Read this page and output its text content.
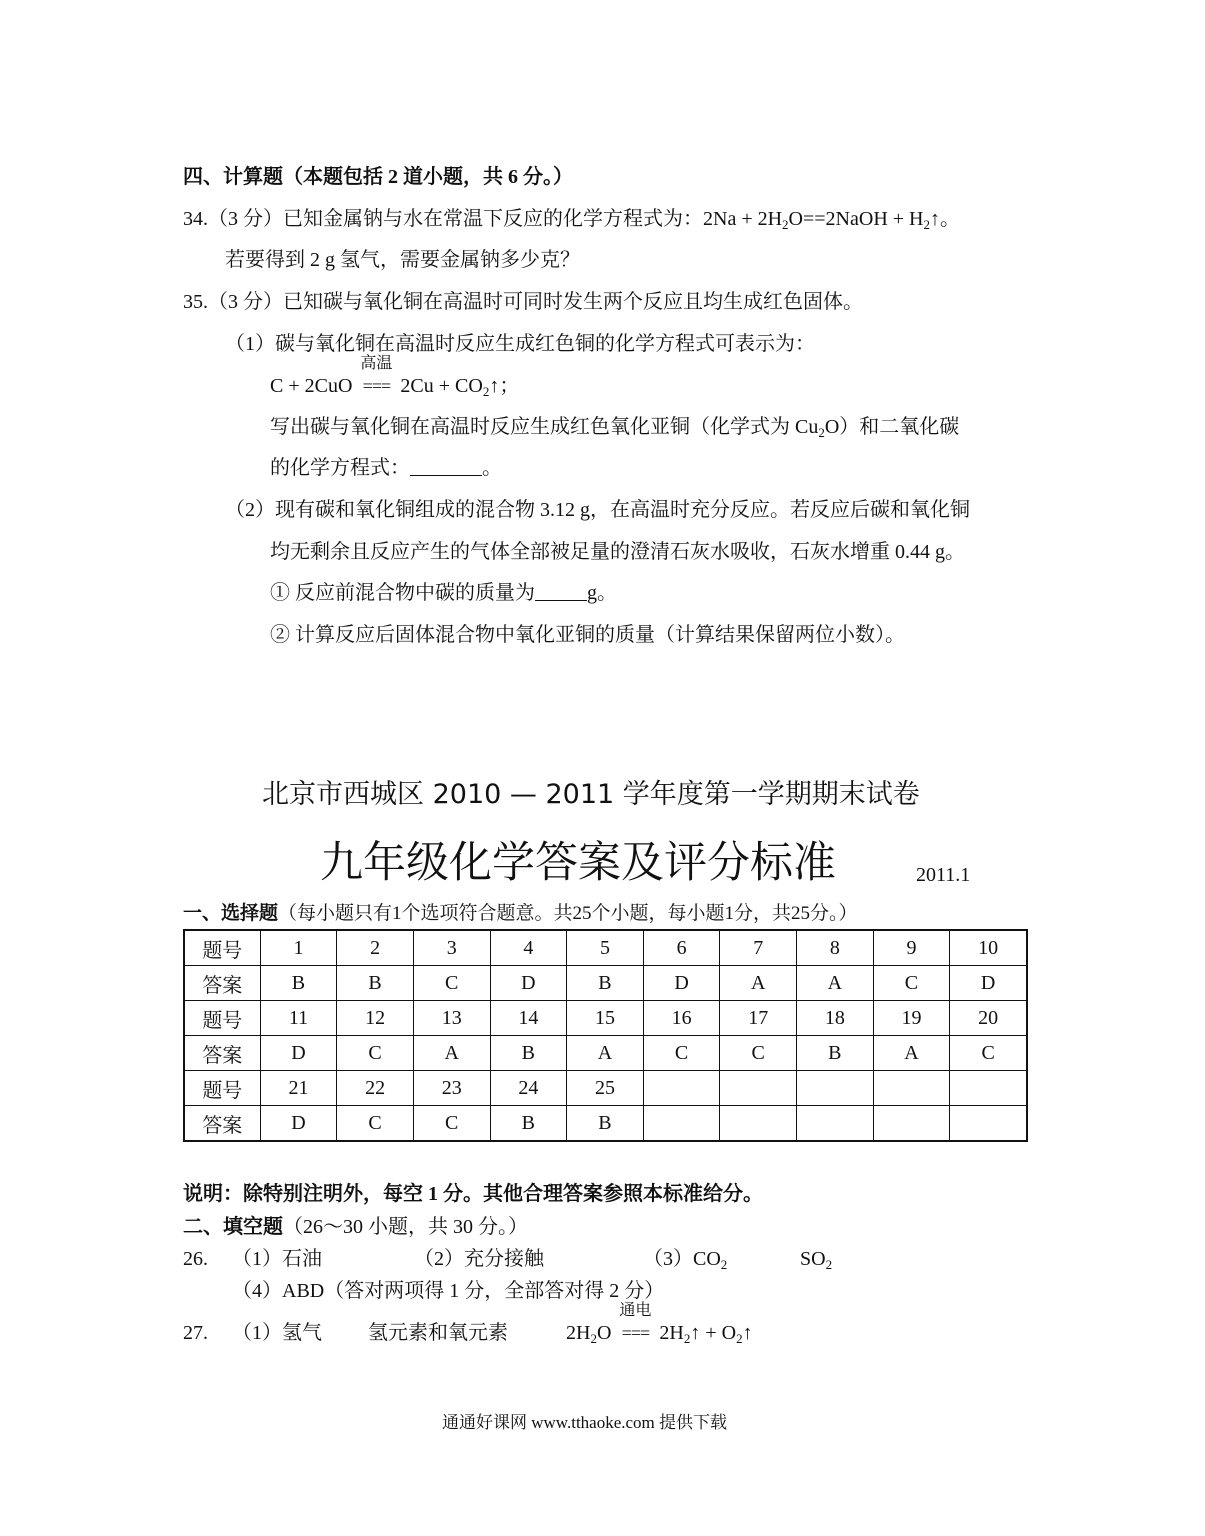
四、计算题（本题包括 2 道小题，共 6 分。）
34.（3 分）已知金属钠与水在常温下反应的化学方程式为：$2Na + 2H_2O==2NaOH$ + $H_2↑$。
若要得到 2 g 氢气，需要金属钠多少克？
35.（3 分）已知碳与氧化铜在高温时可同时发生两个反应且均生成红色固体。
（1）碳与氧化铜在高温时反应生成红色铜的化学方程式可表示为：
C + 2CuO
高温
=== $2Cu + CO_2↑$；
写出碳与氧化铜在高温时反应生成红色氧化亚铜（化学式为 $Cu_2O$）和二氧化碳
的化学方程式：	。
（2）现有碳和氧化铜组成的混合物 3.12 g，在高温时充分反应。若反应后碳和氧化铜
均无剩余且反应产生的气体全部被足量的澄清石灰水吸收，石灰水增重 0.44 g。
① 反应前混合物中碳的质量为	g。
② 计算反应后固体混合物中氧化亚铜的质量（计算结果保留两位小数）。
北京市西城区 2010 — 2011 学年度第一学期期末试卷
九年级化学答案及评分标准	2011.1
一、选择题（每小题只有1个选项符合题意。共25个小题，每小题1分，共25分。）
题号	1	2	3	4	5	6	7	8	9	10
答案	B	B	C	D	B	D	A	A	C	D
题号	11	12	13	14	15	16	17	18	19	20
答案	D	C	A	B	A	C	C	B	A	C
题号	21	22	23	24	25					
答案	D	C	C	B	B					
说明：除特别注明外，每空 1 分。其他合理答案参照本标准给分。
二、填空题（26～30 小题，共 30 分。）
26. （1）石油	（2）充分接触	$(3)CO_2$	$SO_2$
（4）ABD（答对两项得 1 分，全部答对得 2 分）
27. （1）氢气 氢元素和氧元素	$2H_2O$
通电
=== $2H_2↑$ + $O_2↑$
通通好课网 www.tthaoke.com 提供下载
